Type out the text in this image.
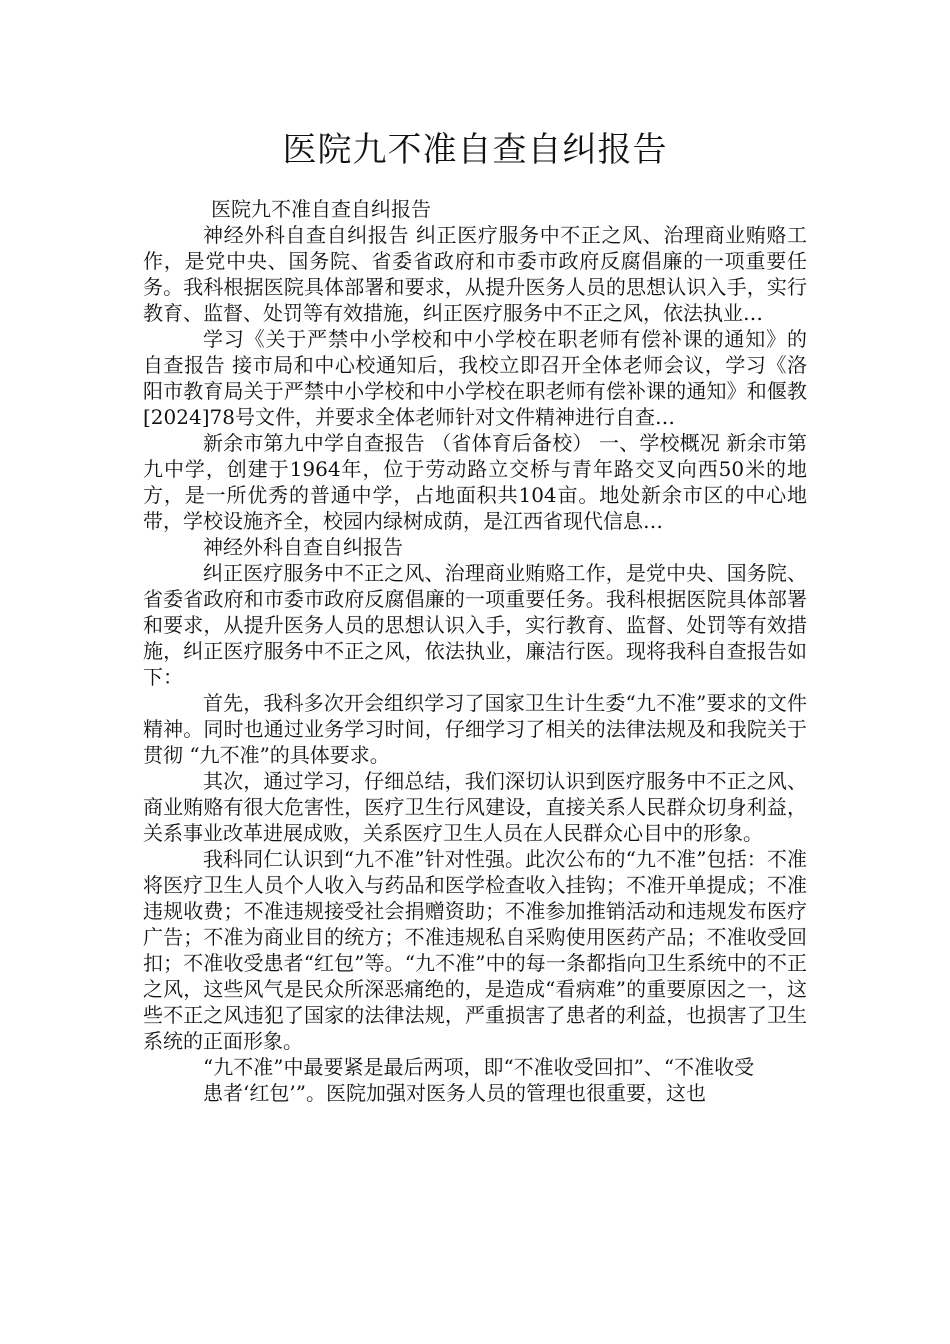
医院九不准自查自纠报告

医院九不准自查自纠报告

神经外科自查自纠报告 纠正医疗服务中不正之风、治理商业贿赂工作，是党中央、国务院、省委省政府和市委市政府反腐倡廉的一项重要任务。我科根据医院具体部署和要求，从提升医务人员的思想认识入手，实行教育、监督、处罚等有效措施，纠正医疗服务中不正之风，依法执业…

学习《关于严禁中小学校和中小学校在职老师有偿补课的通知》的 自查报告 接市局和中心校通知后，我校立即召开全体老师会议，学习《洛阳市教育局关于严禁中小学校和中小学校在职老师有偿补课的通知》和偃教[2024]78号文件，并要求全体老师针对文件精神进行自查…

新余市第九中学自查报告 （省体育后备校） 一、学校概况 新余市第九中学，创建于1964年，位于劳动路立交桥与青年路交叉向西50米的地方，是一所优秀的普通中学，占地面积共104亩。地处新余市区的中心地带，学校设施齐全，校园内绿树成荫，是江西省现代信息…

神经外科自查自纠报告

纠正医疗服务中不正之风、治理商业贿赂工作，是党中央、国务院、省委省政府和市委市政府反腐倡廉的一项重要任务。我科根据医院具体部署和要求，从提升医务人员的思想认识入手，实行教育、监督、处罚等有效措施，纠正医疗服务中不正之风，依法执业，廉洁行医。现将我科自查报告如下：

首先，我科多次开会组织学习了国家卫生计生委“九不准”要求的文件精神。同时也通过业务学习时间，仔细学习了相关的法律法规及和我院关于贯彻 “九不准”的具体要求。

其次，通过学习，仔细总结，我们深切认识到医疗服务中不正之风、商业贿赂有很大危害性，医疗卫生行风建设，直接关系人民群众切身利益，关系事业改革进展成败，关系医疗卫生人员在人民群众心目中的形象。

我科同仁认识到“九不准”针对性强。此次公布的“九不准”包括：不准将医疗卫生人员个人收入与药品和医学检查收入挂钩；不准开单提成；不准违规收费；不准违规接受社会捐赠资助；不准参加推销活动和违规发布医疗广告；不准为商业目的统方；不准违规私自采购使用医药产品；不准收受回扣；不准收受患者“红包”等。“九不准”中的每一条都指向卫生系统中的不正之风，这些风气是民众所深恶痛绝的，是造成“看病难”的重要原因之一，这些不正之风违犯了国家的法律法规，严重损害了患者的利益，也损害了卫生系统的正面形象。

“九不准”中最要紧是最后两项，即“不准收受回扣”、“不准收受

患者‘红包’”。医院加强对医务人员的管理也很重要，这也
